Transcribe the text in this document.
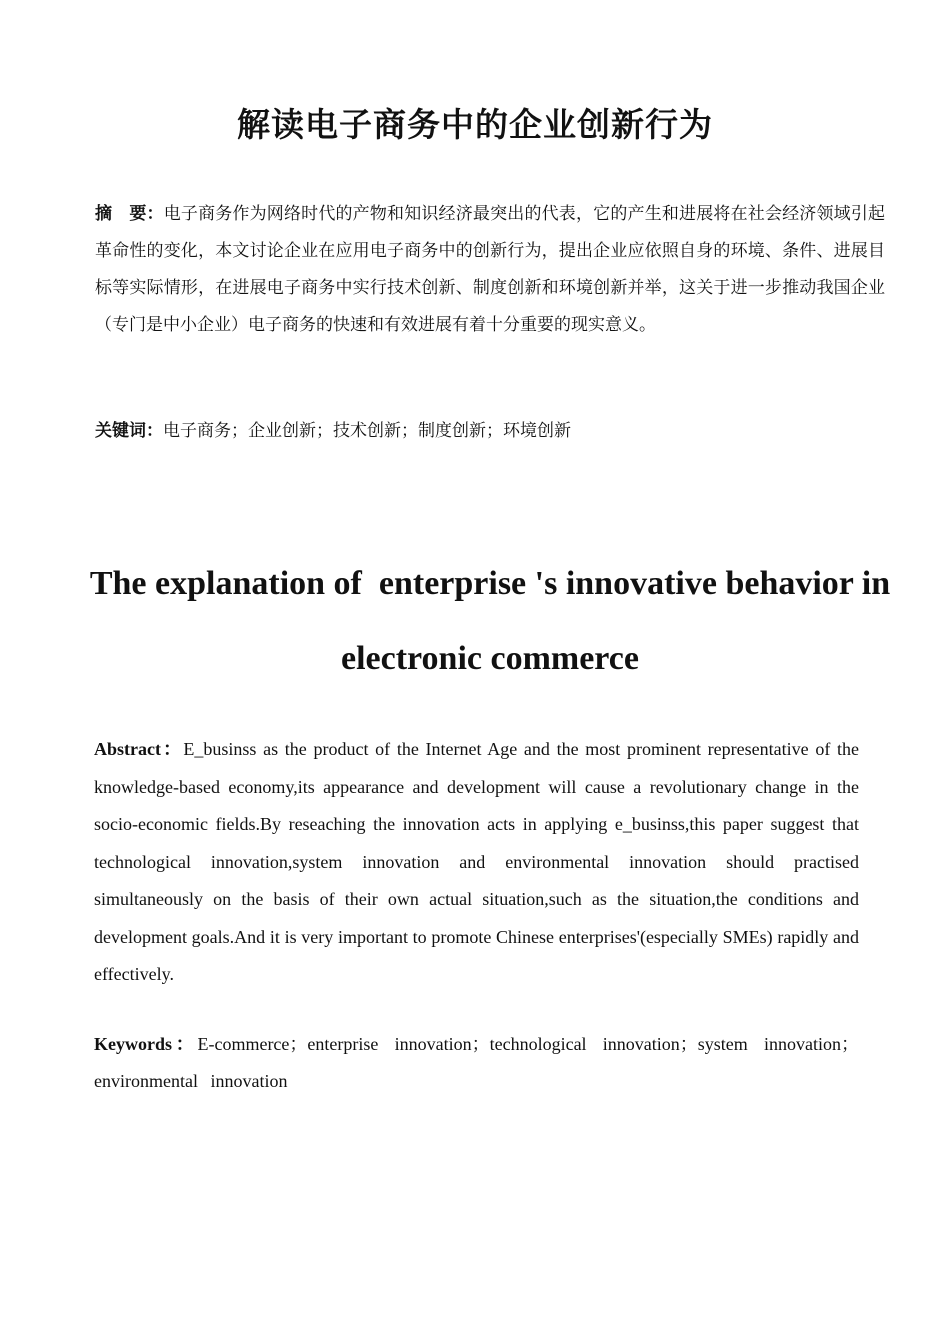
解读电子商务中的企业创新行为
摘　要：电子商务作为网络时代的产物和知识经济最突出的代表，它的产生和进展将在社会经济领域引起革命性的变化，本文讨论企业在应用电子商务中的创新行为，提出企业应依照自身的环境、条件、进展目标等实际情形，在进展电子商务中实行技术创新、制度创新和环境创新并举，这关于进一步推动我国企业（专门是中小企业）电子商务的快速和有效进展有着十分重要的现实意义。
关键词：电子商务；企业创新；技术创新；制度创新；环境创新
The explanation of  enterprise 's innovative behavior in electronic commerce
Abstract：E_businss as the product of the Internet Age and the most prominent representative of the knowledge-based economy,its appearance and development will cause a revolutionary change in the socio-economic fields.By reseaching the innovation acts in applying e_businss,this paper suggest that technological innovation,system innovation and environmental innovation should practised simultaneously on the basis of their own actual situation,such as the situation,the conditions and development goals.And it is very important to promote Chinese enterprises'(especially SMEs) rapidly and effectively.
Keywords：E-commerce；enterprise innovation；technological innovation；system innovation；environmental innovation
